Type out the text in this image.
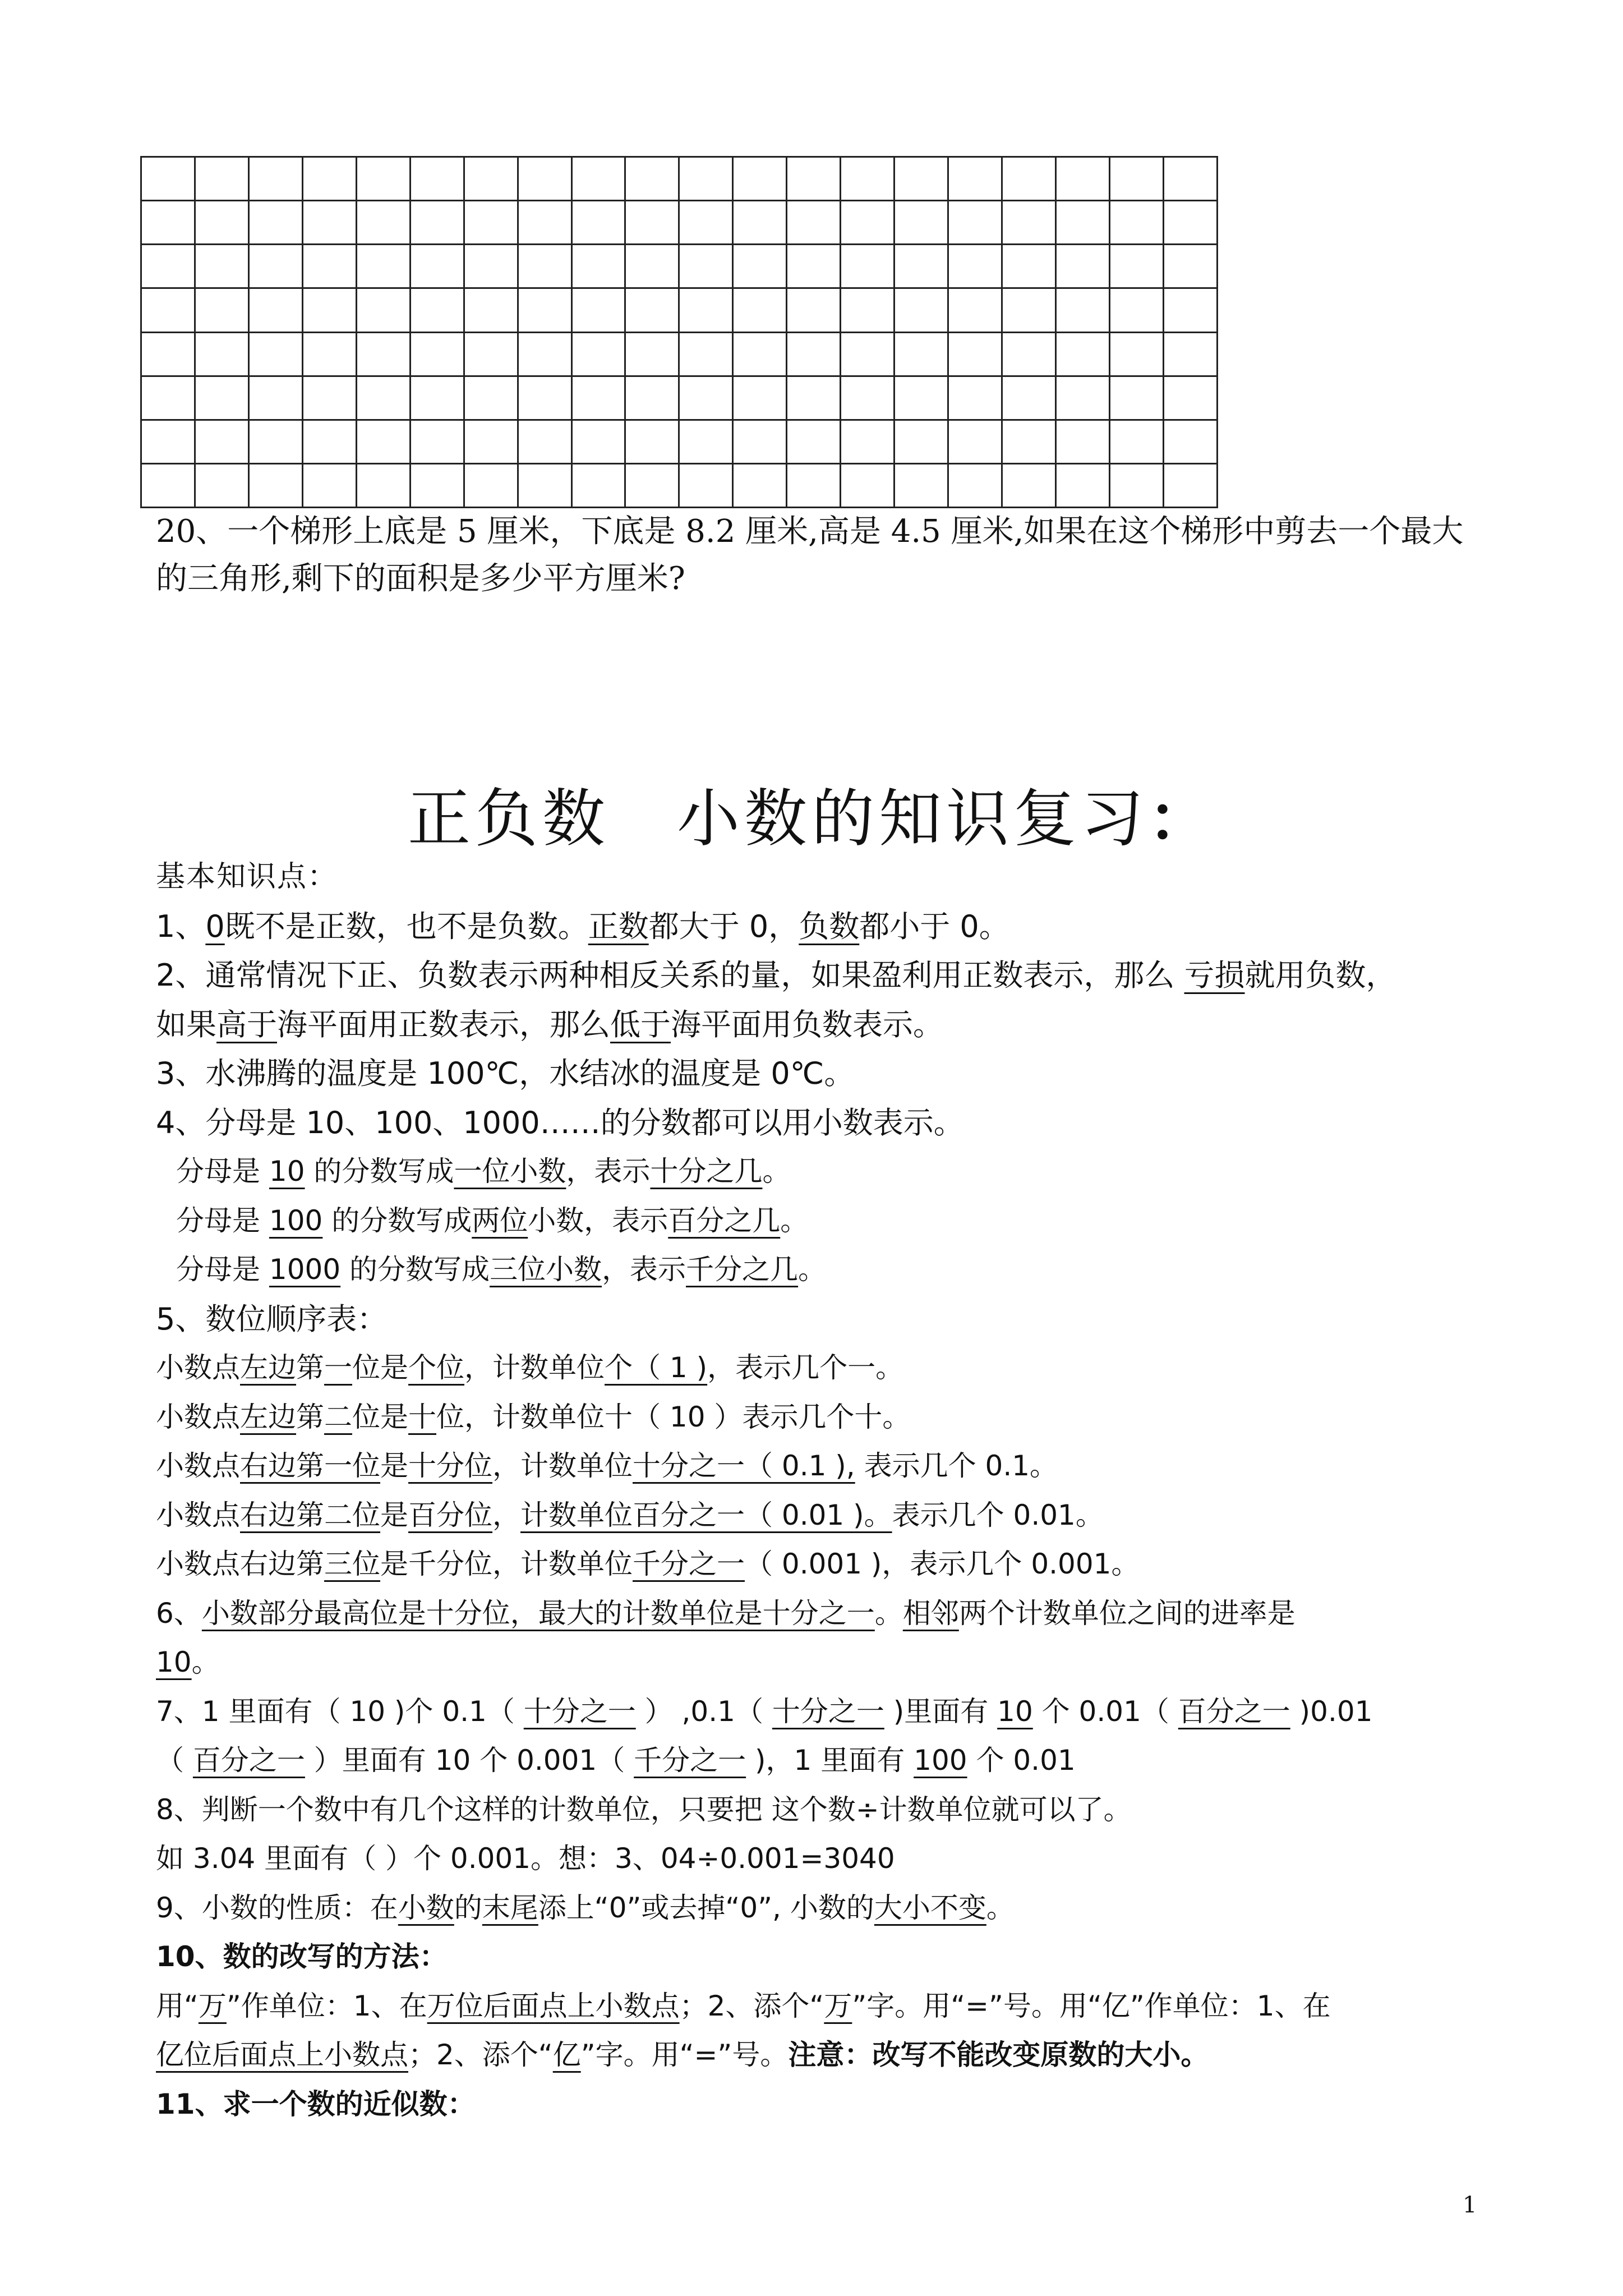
20、一个梯形上底是 5 厘米，下底是 8.2 厘米,高是 4.5 厘米,如果在这个梯形中剪去一个最大
的三角形,剩下的面积是多少平方厘米?
正负数 小数的知识复习：
基本知识点：
1、0既不是正数，也不是负数。正数都大于 0，负数都小于 0。
2、通常情况下正、负数表示两种相反关系的量，如果盈利用正数表示，那么 亏损就用负数，
如果高于海平面用正数表示，那么低于海平面用负数表示。
3、水沸腾的温度是 100℃，水结冰的温度是 0℃。
4、分母是 10、100、1000……的分数都可以用小数表示。
分母是 10 的分数写成一位小数，表示十分之几。
分母是 100 的分数写成两位小数，表示百分之几。
分母是 1000 的分数写成三位小数，表示千分之几。
5、数位顺序表：
小数点左边第一位是个位，计数单位个（ 1 )，表示几个一。
小数点左边第二位是十位，计数单位十（ 10 ）表示几个十。
小数点右边第一位是十分位，计数单位十分之一（ 0.1 ), 表示几个 0.1。
小数点右边第二位是百分位，计数单位百分之一（ 0.01 )。表示几个 0.01。
小数点右边第三位是千分位，计数单位千分之一（ 0.001 )，表示几个 0.001。
6、小数部分最高位是十分位，最大的计数单位是十分之一。相邻两个计数单位之间的进率是
10。
7、1 里面有（ 10 )个 0.1（ 十分之一 ） ,0.1（ 十分之一 )里面有 10 个 0.01（ 百分之一 )0.01
（ 百分之一 ）里面有 10 个 0.001（ 千分之一 )，1 里面有 100 个 0.01
8、判断一个数中有几个这样的计数单位，只要把 这个数÷计数单位就可以了。
如 3.04 里面有（ ）个 0.001。想：3、04÷0.001=3040
9、小数的性质：在小数的末尾添上“0”或去掉“0”, 小数的大小不变。
10、数的改写的方法：
用“万”作单位：1、在万位后面点上小数点；2、添个“万”字。用“=”号。用“亿”作单位：1、在
亿位后面点上小数点；2、添个“亿”字。用“=”号。注意：改写不能改变原数的大小。
11、求一个数的近似数：
1
